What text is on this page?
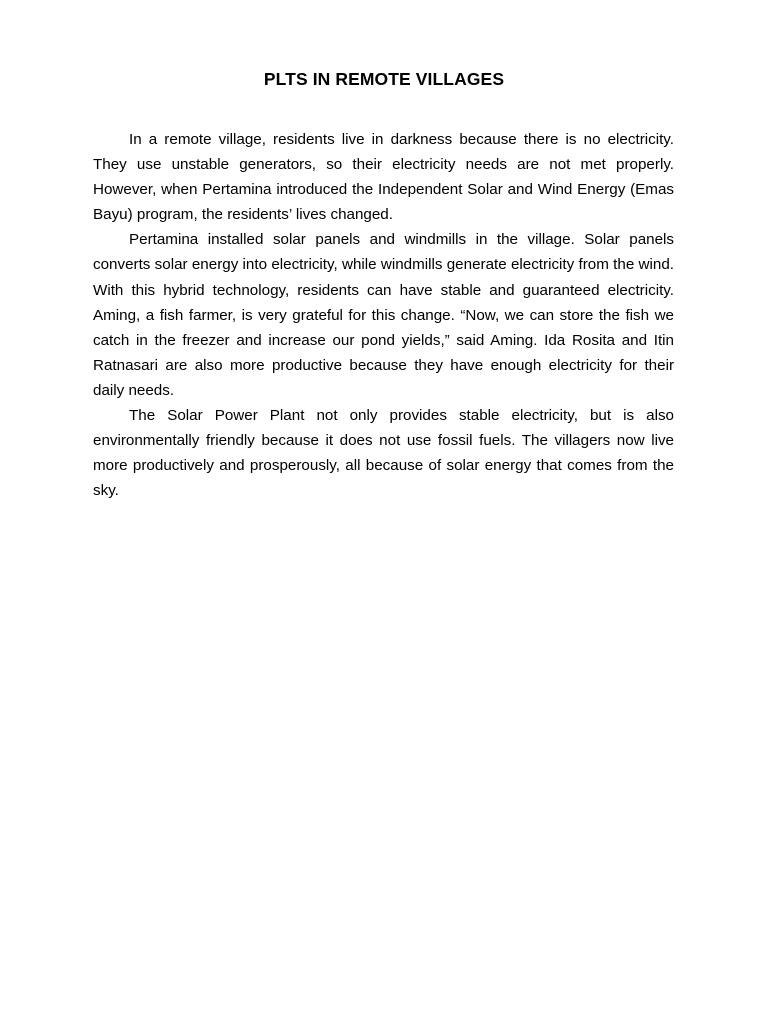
PLTS IN REMOTE VILLAGES

In a remote village, residents live in darkness because there is no electricity. They use unstable generators, so their electricity needs are not met properly. However, when Pertamina introduced the Independent Solar and Wind Energy (Emas Bayu) program, the residents’ lives changed.

Pertamina installed solar panels and windmills in the village. Solar panels converts solar energy into electricity, while windmills generate electricity from the wind. With this hybrid technology, residents can have stable and guaranteed electricity. Aming, a fish farmer, is very grateful for this change. “Now, we can store the fish we catch in the freezer and increase our pond yields,” said Aming. Ida Rosita and Itin Ratnasari are also more productive because they have enough electricity for their daily needs.

The Solar Power Plant not only provides stable electricity, but is also environmentally friendly because it does not use fossil fuels. The villagers now live more productively and prosperously, all because of solar energy that comes from the sky.
